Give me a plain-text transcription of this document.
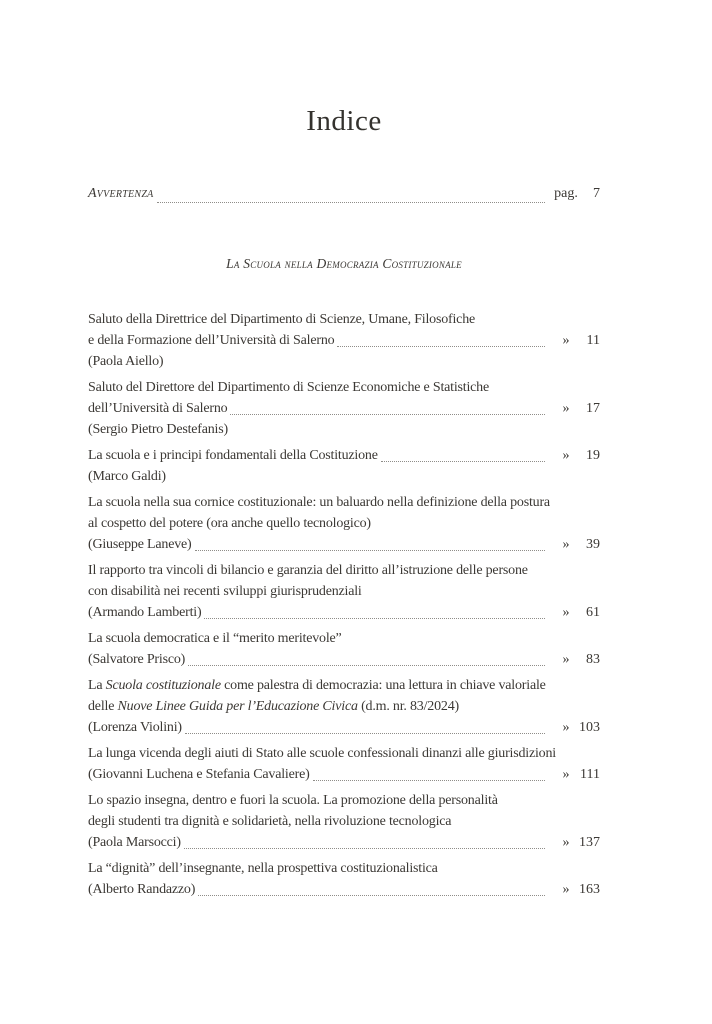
Indice
Avvertenza	pag.	7
La Scuola nella Democrazia Costituzionale
Saluto della Direttrice del Dipartimento di Scienze, Umane, Filosofiche
e della Formazione dell’Università di Salerno	»	11
(Paola Aiello)
Saluto del Direttore del Dipartimento di Scienze Economiche e Statistiche
dell’Università di Salerno	»	17
(Sergio Pietro Destefanis)
La scuola e i principi fondamentali della Costituzione	»	19
(Marco Galdi)
La scuola nella sua cornice costituzionale: un baluardo nella definizione della postura
al cospetto del potere (ora anche quello tecnologico)
(Giuseppe Laneve)	»	39
Il rapporto tra vincoli di bilancio e garanzia del diritto all’istruzione delle persone
con disabilità nei recenti sviluppi giurisprudenziali
(Armando Lamberti)	»	61
La scuola democratica e il “merito meritevole”
(Salvatore Prisco)	»	83
La Scuola costituzionale come palestra di democrazia: una lettura in chiave valoriale
delle Nuove Linee Guida per l’Educazione Civica (d.m. nr. 83/2024)
(Lorenza Violini)	» 103
La lunga vicenda degli aiuti di Stato alle scuole confessionali dinanzi alle giurisdizioni
(Giovanni Luchena e Stefania Cavaliere)	» 111
Lo spazio insegna, dentro e fuori la scuola. La promozione della personalità
degli studenti tra dignità e solidarietà, nella rivoluzione tecnologica
(Paola Marsocci)	» 137
La “dignità” dell’insegnante, nella prospettiva costituzionalistica
(Alberto Randazzo)	» 163
